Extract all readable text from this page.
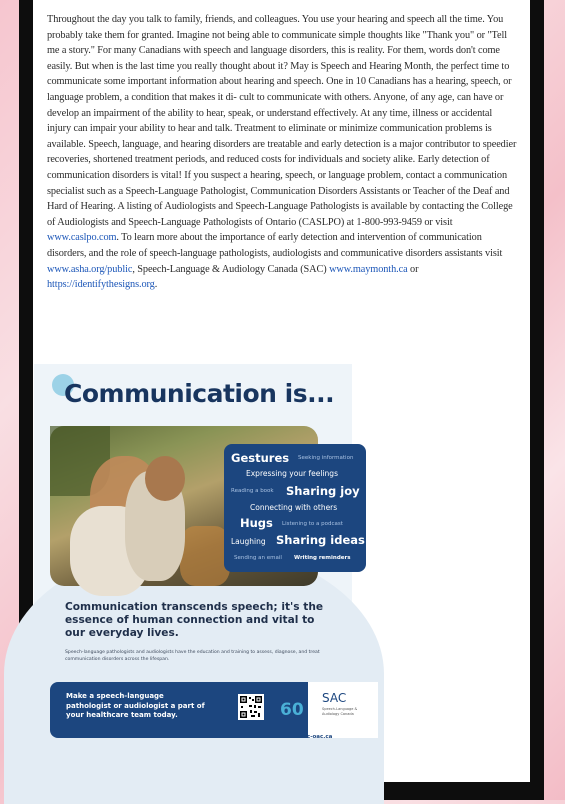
Throughout the day you talk to family, friends, and colleagues. You use your hearing and speech all the time. You probably take them for granted. Imagine not being able to communicate simple thoughts like "Thank you" or "Tell me a story." For many Canadians with speech and language disorders, this is reality. For them, words don't come easily. But when is the last time you really thought about it? May is Speech and Hearing Month, the perfect time to communicate some important information about hearing and speech. One in 10 Canadians has a hearing, speech, or language problem, a condition that makes it di- cult to communicate with others. Anyone, of any age, can have or develop an impairment of the ability to hear, speak, or understand effectively. At any time, illness or accidental injury can impair your ability to hear and talk. Treatment to eliminate or minimize communication problems is available. Speech, language, and hearing disorders are treatable and early detection is a major contributor to speedier recoveries, shortened treatment periods, and reduced costs for individuals and society alike. Early detection of communication disorders is vital! If you suspect a hearing, speech, or language problem, contact a communication specialist such as a Speech-Language Pathologist, Communication Disorders Assistants or Teacher of the Deaf and Hard of Hearing. A listing of Audiologists and Speech-Language Pathologists is available by contacting the College of Audiologists and Speech-Language Pathologists of Ontario (CASLPO) at 1-800-993-9459 or visit www.caslpo.com. To learn more about the importance of early detection and intervention of communication disorders, and the role of speech-language pathologists, audiologists and communicative disorders assistants visit www.asha.org/public, Speech-Language & Audiology Canada (SAC) www.maymonth.ca or https://identifythesigns.org.

Communication is...
Gestures Seeking information
Expressing your feelings
Reading a book Sharing joy
Connecting with others
Hugs Listening to a podcast
Laughing Sharing ideas
Sending an email Writing reminders
Communication transcends speech; it's the essence of human connection and vital to our everyday lives.
Speech-language pathologists and audiologists have the education and training to assess, diagnose, and treat communication disorders across the lifespan.
Make a speech-language pathologist or audiologist a part of your healthcare team today.	60
SAC
Speech-Language & Audiology Canada
sac-oac.ca
